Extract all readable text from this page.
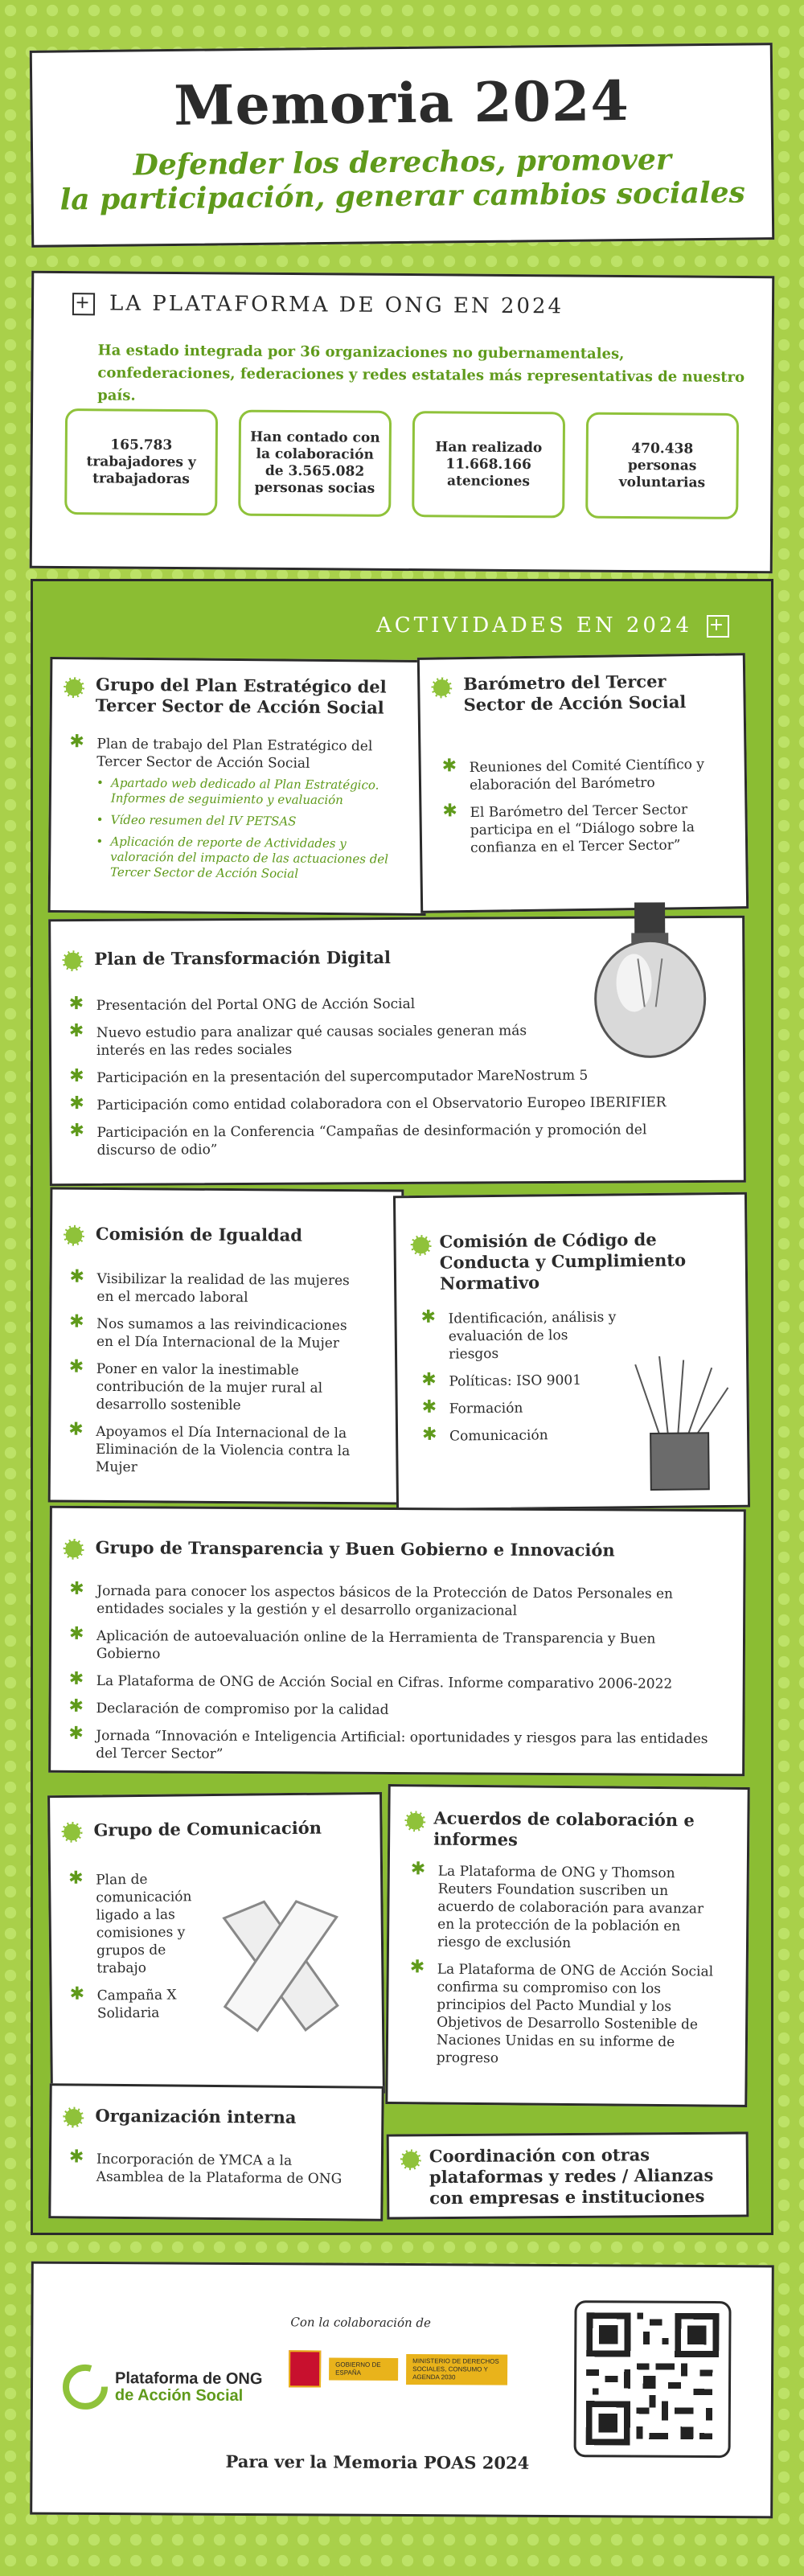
Memoria 2024
Defender los derechos, promover
la participación, generar cambios sociales
+ LA PLATAFORMA DE ONG EN 2024
Ha estado integrada por 36 organizaciones no gubernamentales, confederaciones, federaciones y redes estatales más representativas de nuestro país.
165.783 trabajadores y trabajadoras
Han contado con la colaboración de 3.565.082 personas socias
Han realizado 11.668.166 atenciones
470.438 personas voluntarias
ACTIVIDADES EN 2024 +
Grupo del Plan Estratégico del Tercer Sector de Acción Social
✱ Plan de trabajo del Plan Estratégico del Tercer Sector de Acción Social
• Apartado web dedicado al Plan Estratégico. Informes de seguimiento y evaluación
• Vídeo resumen del IV PETSAS
• Aplicación de reporte de Actividades y valoración del impacto de las actuaciones del Tercer Sector de Acción Social
Barómetro del Tercer Sector de Acción Social
✱ Reuniones del Comité Científico y elaboración del Barómetro
✱ El Barómetro del Tercer Sector participa en el “Diálogo sobre la confianza en el Tercer Sector”
Plan de Transformación Digital
✱ Presentación del Portal ONG de Acción Social
✱ Nuevo estudio para analizar qué causas sociales generan más interés en las redes sociales
✱ Participación en la presentación del supercomputador MareNostrum 5
✱ Participación como entidad colaboradora con el Observatorio Europeo IBERIFIER
✱ Participación en la Conferencia “Campañas de desinformación y promoción del discurso de odio”
Comisión de Igualdad
✱ Visibilizar la realidad de las mujeres en el mercado laboral
✱ Nos sumamos a las reivindicaciones en el Día Internacional de la Mujer
✱ Poner en valor la inestimable contribución de la mujer rural al desarrollo sostenible
✱ Apoyamos el Día Internacional de la Eliminación de la Violencia contra la Mujer
Comisión de Código de Conducta y Cumplimiento Normativo
✱ Identificación, análisis y evaluación de los riesgos
✱ Políticas: ISO 9001
✱ Formación
✱ Comunicación
Grupo de Transparencia y Buen Gobierno e Innovación
✱ Jornada para conocer los aspectos básicos de la Protección de Datos Personales en entidades sociales y la gestión y el desarrollo organizacional
✱ Aplicación de autoevaluación online de la Herramienta de Transparencia y Buen Gobierno
✱ La Plataforma de ONG de Acción Social en Cifras. Informe comparativo 2006-2022
✱ Declaración de compromiso por la calidad
✱ Jornada “Innovación e Inteligencia Artificial: oportunidades y riesgos para las entidades del Tercer Sector”
Grupo de Comunicación
✱ Plan de comunicación ligado a las comisiones y grupos de trabajo
✱ Campaña X Solidaria
Acuerdos de colaboración e informes
✱ La Plataforma de ONG y Thomson Reuters Foundation suscriben un acuerdo de colaboración para avanzar en la protección de la población en riesgo de exclusión
✱ La Plataforma de ONG de Acción Social confirma su compromiso con los principios del Pacto Mundial y los Objetivos de Desarrollo Sostenible de Naciones Unidas en su informe de progreso
Organización interna
✱ Incorporación de YMCA a la Asamblea de la Plataforma de ONG
Coordinación con otras plataformas y redes / Alianzas con empresas e instituciones
Plataforma de ONG
de Acción Social
Con la colaboración de
GOBIERNO DE ESPAÑA
MINISTERIO DE DERECHOS SOCIALES, CONSUMO Y AGENDA 2030
Para ver la Memoria POAS 2024
